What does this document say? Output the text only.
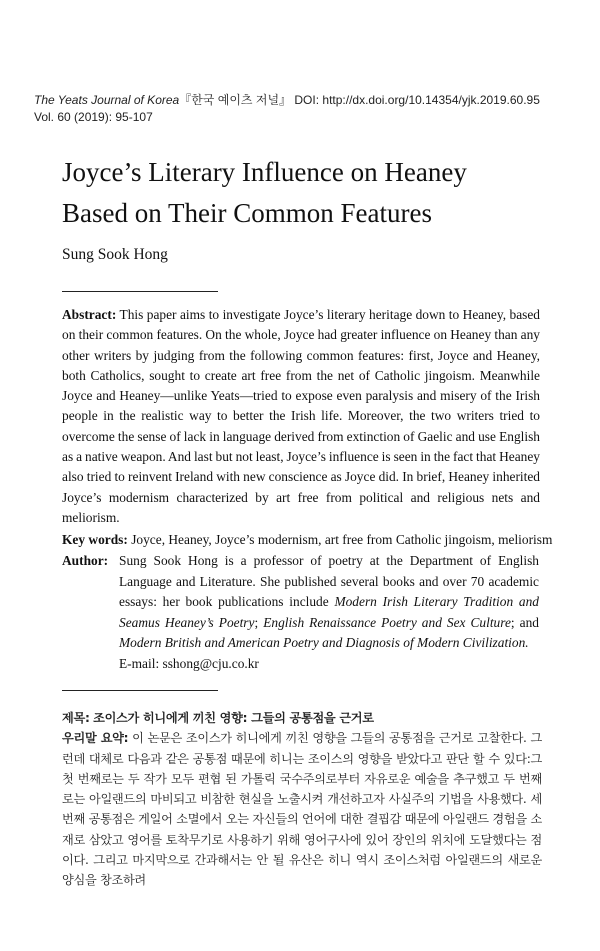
The Yeats Journal of Korea『한국 예이츠 저널』 DOI: http://dx.doi.org/10.14354/yjk.2019.60.95
Vol. 60 (2019): 95-107
Joyce’s Literary Influence on Heaney
Based on Their Common Features
Sung Sook Hong
Abstract: This paper aims to investigate Joyce’s literary heritage down to Heaney, based on their common features. On the whole, Joyce had greater influence on Heaney than any other writers by judging from the following common features: first, Joyce and Heaney, both Catholics, sought to create art free from the net of Catholic jingoism. Meanwhile Joyce and Heaney—unlike Yeats—tried to expose even paralysis and misery of the Irish people in the realistic way to better the Irish life. Moreover, the two writers tried to overcome the sense of lack in language derived from extinction of Gaelic and use English as a native weapon. And last but not least, Joyce’s influence is seen in the fact that Heaney also tried to reinvent Ireland with new conscience as Joyce did. In brief, Heaney inherited Joyce’s modernism characterized by art free from political and religious nets and meliorism.
Key words: Joyce, Heaney, Joyce’s modernism, art free from Catholic jingoism, meliorism
Author: Sung Sook Hong is a professor of poetry at the Department of English Language and Literature. She published several books and over 70 academic essays: her book publications include Modern Irish Literary Tradition and Seamus Heaney’s Poetry; English Renaissance Poetry and Sex Culture; and Modern British and American Poetry and Diagnosis of Modern Civilization.
E-mail: sshong@cju.co.kr

제목: 조이스가 히니에게 끼친 영향: 그들의 공통점을 근거로

우리말 요약: 이 논문은 조이스가 히니에게 끼친 영향을 그들의 공통점을 근거로 고찰한다. 그런데 대체로 다음과 같은 공통점 때문에 히니는 조이스의 영향을 받았다고 판단 할 수 있다:그 첫 번째로는 두 작가 모두 편협 된 가톨릭 국수주의로부터 자유로운 예술을 추구했고 두 번째로는 아일랜드의 마비되고 비참한 현실을 노출시켜 개선하고자 사실주의 기법을 사용했다. 세 번째 공통점은 게일어 소멸에서 오는 자신들의 언어에 대한 결핍감 때문에 아일랜드 경험을 소재로 삼았고 영어를 토착무기로 사용하기 위해 영어구사에 있어 장인의 위치에 도달했다는 점이다. 그리고 마지막으로 간과해서는 안 될 유산은 히니 역시 조이스처럼 아일랜드의 새로운 양심을 창조하려
